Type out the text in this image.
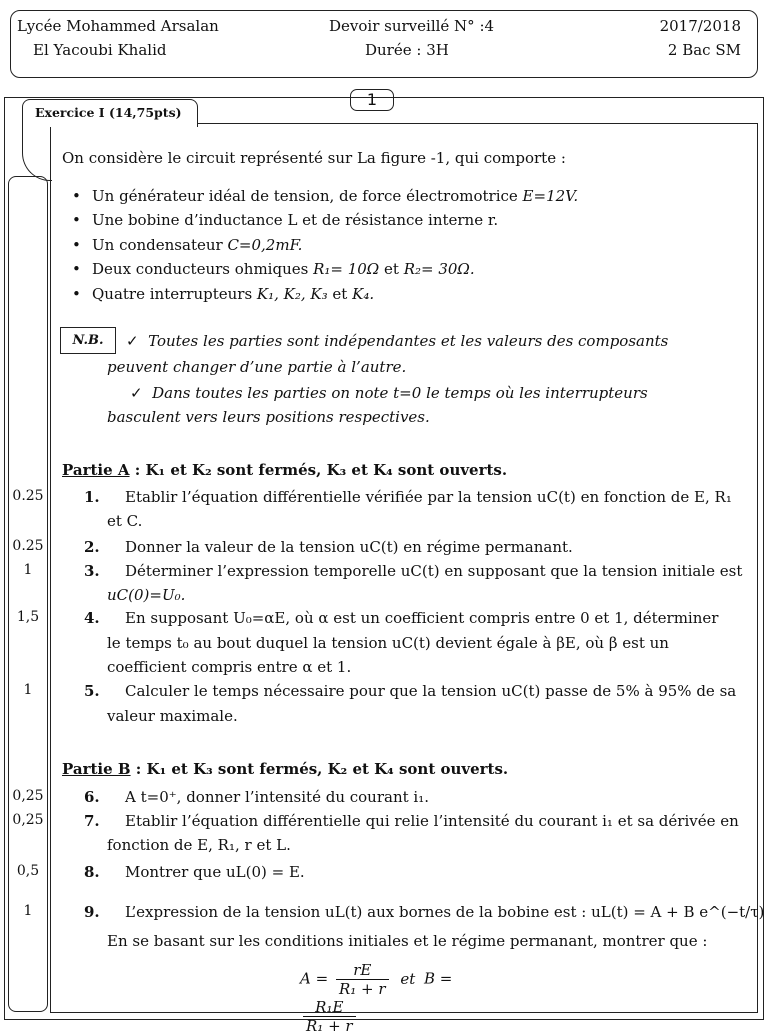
Lycée Mohammed Arsalan
El Yacoubi Khalid
Devoir surveillé N° :4
Durée : 3H
2017/2018
2 Bac SM
Exercice I (14,75pts)
1
On considère le circuit représenté sur La figure -1, qui comporte :
• Un générateur idéal de tension, de force électromotrice E=12V.
• Une bobine d’inductance L et de résistance interne r.
• Un condensateur C=0,2mF.
• Deux conducteurs ohmiques R₁= 10Ω et R₂= 30Ω.
• Quatre interrupteurs K₁, K₂, K₃ et K₄.
N.B.	✓ Toutes les parties sont indépendantes et les valeurs des composants
peuvent changer d’une partie à l’autre.
✓ Dans toutes les parties on note t=0 le temps où les interrupteurs
basculent vers leurs positions respectives.
Partie A : K₁ et K₂ sont fermés, K₃ et K₄ sont ouverts.
0.25	1. Etablir l’équation différentielle vérifiée par la tension uC(t) en fonction de E, R₁
et C.
0.25	2. Donner la valeur de la tension uC(t) en régime permanant.
1	3. Déterminer l’expression temporelle uC(t) en supposant que la tension initiale est
uC(0)=U₀.
1,5	4. En supposant U₀=αE, où α est un coefficient compris entre 0 et 1, déterminer
le temps t₀ au bout duquel la tension uC(t) devient égale à βE, où β est un
coefficient compris entre α et 1.
1	5. Calculer le temps nécessaire pour que la tension uC(t) passe de 5% à 95% de sa
valeur maximale.
Partie B : K₁ et K₃ sont fermés, K₂ et K₄ sont ouverts.
0,25	6. A t=0⁺, donner l’intensité du courant i₁.
0,25	7. Etablir l’équation différentielle qui relie l’intensité du courant i₁ et sa dérivée en
fonction de E, R₁, r et L.
0,5	8. Montrer que uL(0) = E.
1	9. L’expression de la tension uL(t) aux bornes de la bobine est : uL(t) = A + B e^(−t/τ)
En se basant sur les conditions initiales et le régime permanant, montrer que :
$A = \frac{rE}{\text{R₁ + r}}$ et B =
$\frac{\text{R₁E}}{\text{R₁ + r}}$
